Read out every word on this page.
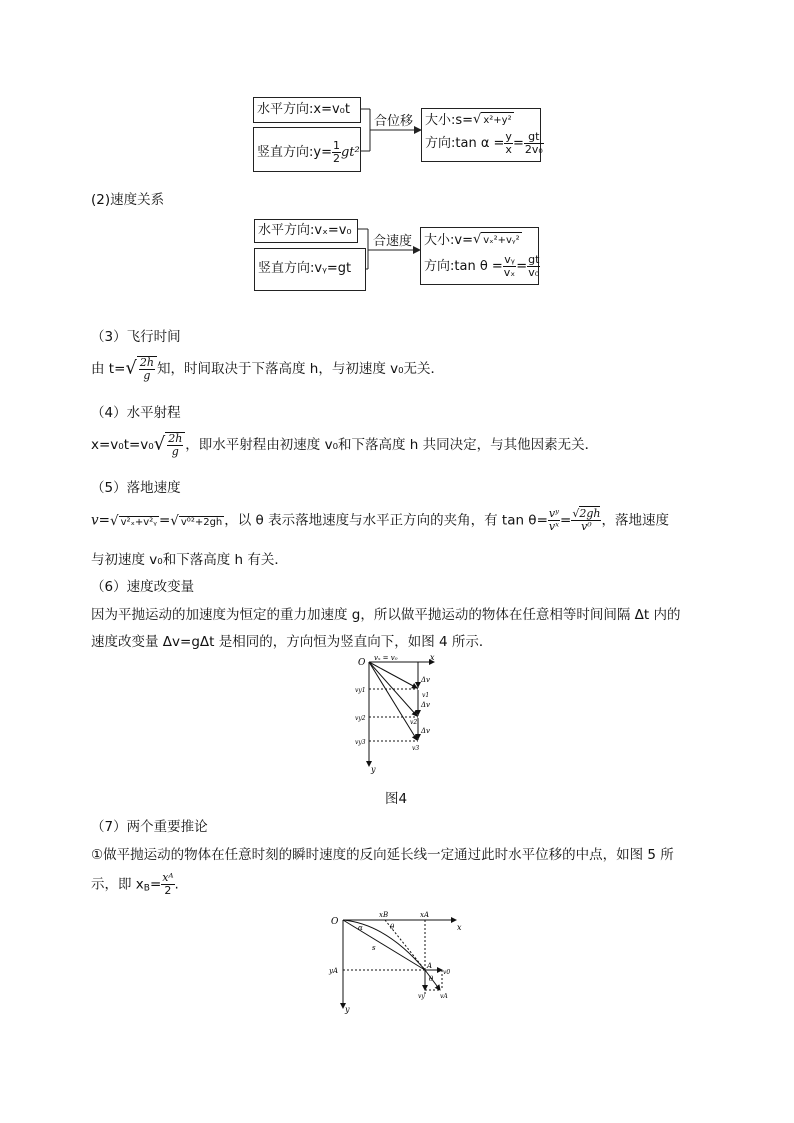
水平方向:x=v₀t
竖直方向:y= $\frac{1}{2} gt^2$
合位移 大小:s=√ x²+y²
方向:tan $\alpha = \frac{y}{x} = \frac{gt}{\text{2v₀}}$
(2)速度关系
水平方向:vₓ=v₀
竖直方向:vᵧ=gt
合速度 大小:v=√ vₓ²+vᵧ²
方向:tan $\theta = \frac{\text{vᵧ}}{\text{vₓ}} = \frac{gt}{\text{v₀}}$
（3）飞行时间
由 $t=√ \frac{2h}{g}$ 知，时间取决于下落高度 h，与初速度 v₀无关．
（4）水平射程
$x=v_0t=v_0√ \frac{2h}{g}$ ，即水平射程由初速度 v₀和下落高度 h 共同决定，与其他因素无关．
（5）落地速度
v=√ v²ₓ+v²ᵧ =√ v⁰²+2gh ，以 θ 表示落地速度与水平正方向的夹角，有 $\tan \theta= \frac{\text{vʸ}}{\text{vˣ}} = \frac{√2gh}{\text{v⁰}}$ ，落地速度
与初速度 v₀和下落高度 h 有关．
（6）速度改变量
因为平抛运动的加速度为恒定的重力加速度 g，所以做平抛运动的物体在任意相等时间间隔 Δt 内的
速度改变量 Δv=gΔt 是相同的，方向恒为竖直向下，如图 4 所示．
O vₓ = v₀	x
y
vy1
vy2
vy3
v1
v2
v3
Δv
Δv
Δv
图4
（7）两个重要推论
①做平抛运动的物体在任意时刻的瞬时速度的反向延长线一定通过此时水平位移的中点，如图 5 所
示，即 $x_B= \frac{\text{xᴬ}}{2}$ .
O
xB	xA
x
y
yA
α	θ
θ
s
A
v0
vy	vA
